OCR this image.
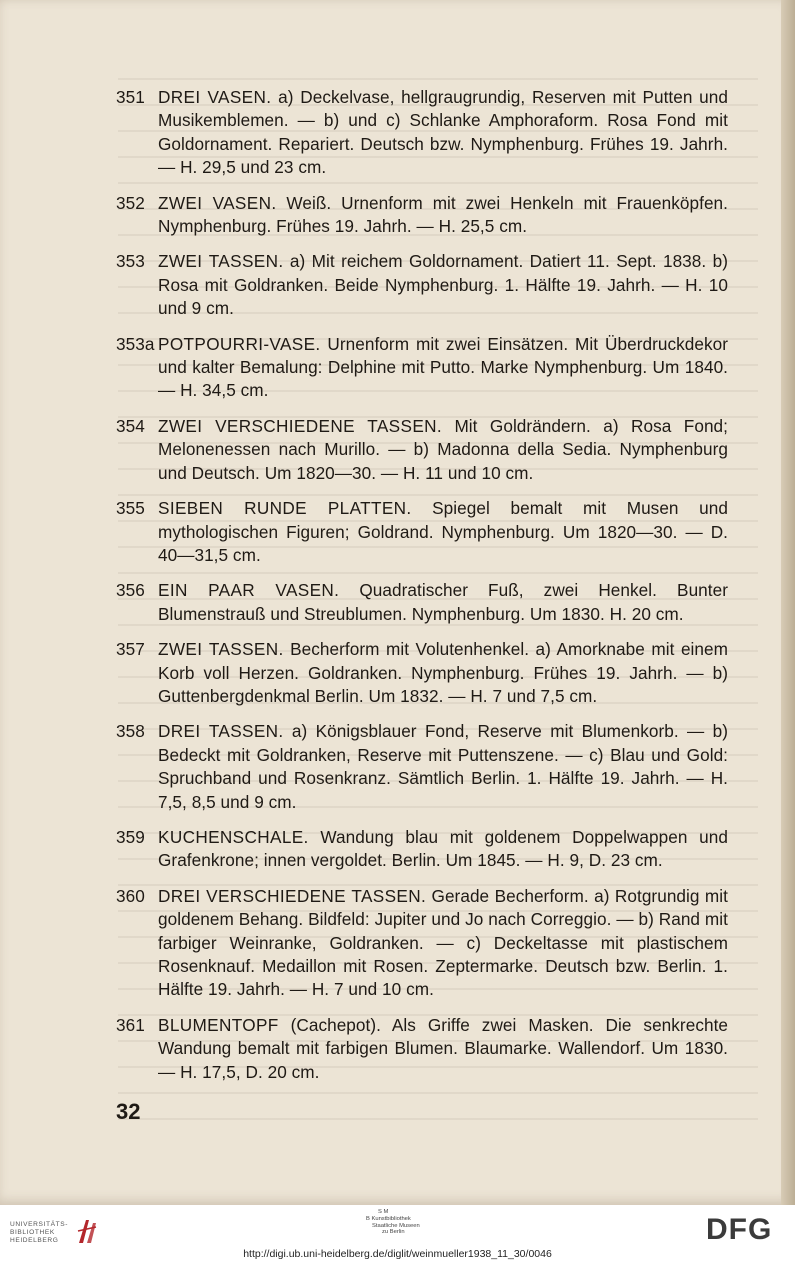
351 DREI VASEN. a) Deckelvase, hellgraugrundig, Reserven mit Putten und Musikemblemen. — b) und c) Schlanke Amphoraform. Rosa Fond mit Goldornament. Repariert. Deutsch bzw. Nymphenburg. Frühes 19. Jahrh. — H. 29,5 und 23 cm.
352 ZWEI VASEN. Weiß. Urnenform mit zwei Henkeln mit Frauenköpfen. Nymphenburg. Frühes 19. Jahrh. — H. 25,5 cm.
353 ZWEI TASSEN. a) Mit reichem Goldornament. Datiert 11. Sept. 1838. b) Rosa mit Goldranken. Beide Nymphenburg. 1. Hälfte 19. Jahrh. — H. 10 und 9 cm.
353a POTPOURRI-VASE. Urnenform mit zwei Einsätzen. Mit Überdruckdekor und kalter Bemalung: Delphine mit Putto. Marke Nymphenburg. Um 1840. — H. 34,5 cm.
354 ZWEI VERSCHIEDENE TASSEN. Mit Goldrändern. a) Rosa Fond; Melonenessen nach Murillo. — b) Madonna della Sedia. Nymphenburg und Deutsch. Um 1820—30. — H. 11 und 10 cm.
355 SIEBEN RUNDE PLATTEN. Spiegel bemalt mit Musen und mythologischen Figuren; Goldrand. Nymphenburg. Um 1820—30. — D. 40—31,5 cm.
356 EIN PAAR VASEN. Quadratischer Fuß, zwei Henkel. Bunter Blumenstrauß und Streublumen. Nymphenburg. Um 1830. H. 20 cm.
357 ZWEI TASSEN. Becherform mit Volutenhenkel. a) Amorknabe mit einem Korb voll Herzen. Goldranken. Nymphenburg. Frühes 19. Jahrh. — b) Guttenbergdenkmal Berlin. Um 1832. — H. 7 und 7,5 cm.
358 DREI TASSEN. a) Königsblauer Fond, Reserve mit Blumenkorb. — b) Bedeckt mit Goldranken, Reserve mit Puttenszene. — c) Blau und Gold: Spruchband und Rosenkranz. Sämtlich Berlin. 1. Hälfte 19. Jahrh. — H. 7,5, 8,5 und 9 cm.
359 KUCHENSCHALE. Wandung blau mit goldenem Doppelwappen und Grafenkrone; innen vergoldet. Berlin. Um 1845. — H. 9, D. 23 cm.
360 DREI VERSCHIEDENE TASSEN. Gerade Becherform. a) Rotgrundig mit goldenem Behang. Bildfeld: Jupiter und Jo nach Correggio. — b) Rand mit farbiger Weinranke, Goldranken. — c) Deckeltasse mit plastischem Rosenknauf. Medaillon mit Rosen. Zeptermarke. Deutsch bzw. Berlin. 1. Hälfte 19. Jahrh. — H. 7 und 10 cm.
361 BLUMENTOPF (Cachepot). Als Griffe zwei Masken. Die senkrechte Wandung bemalt mit farbigen Blumen. Blaumarke. Wallendorf. Um 1830. — H. 17,5, D. 20 cm.
32
UNIVERSITÄTS-
BIBLIOTHEK
HEIDELBERG
S M
B Kunstbibliothek
Staatliche Museen
zu Berlin	DFG
http://digi.ub.uni-heidelberg.de/diglit/weinmueller1938_11_30/0046
